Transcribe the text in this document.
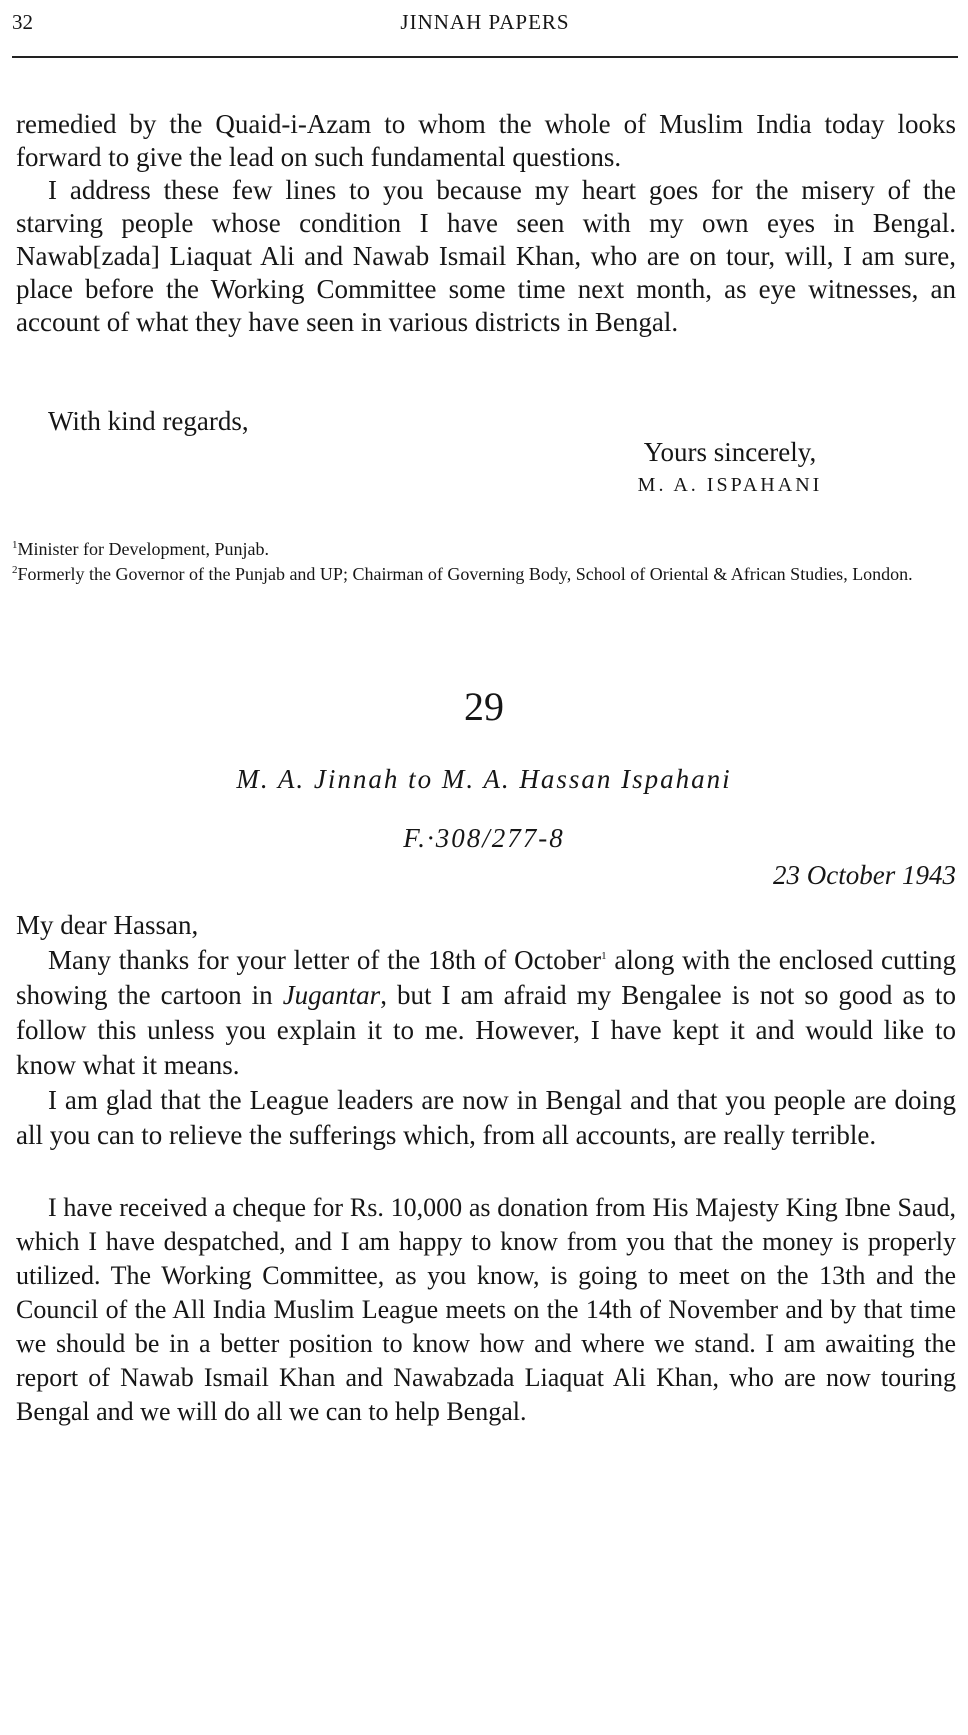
32	JINNAH PAPERS

remedied by the Quaid-i-Azam to whom the whole of Muslim India today looks forward to give the lead on such fundamental questions.

I address these few lines to you because my heart goes for the misery of the starving people whose condition I have seen with my own eyes in Bengal. Nawab[zada] Liaquat Ali and Nawab Ismail Khan, who are on tour, will, I am sure, place before the Working Committee some time next month, as eye witnesses, an account of what they have seen in various districts in Bengal.

With kind regards,

Yours sincerely,
M. A. ISPAHANI
$^1$Minister for Development, Punjab.
$^2$Formerly the Governor of the Punjab and UP; Chairman of Governing Body, School of Oriental & African Studies, London.
29
M. A. Jinnah to M. A. Hassan Ispahani
F.·308/277-8
23 October 1943

My dear Hassan,

Many thanks for your letter of the 18th of October$^1$ along with the enclosed cutting showing the cartoon in Jugantar, but I am afraid my Bengalee is not so good as to follow this unless you explain it to me. However, I have kept it and would like to know what it means.

I am glad that the League leaders are now in Bengal and that you people are doing all you can to relieve the sufferings which, from all accounts, are really terrible.

I have received a cheque for Rs. 10,000 as donation from His Majesty King Ibne Saud, which I have despatched, and I am happy to know from you that the money is properly utilized. The Working Committee, as you know, is going to meet on the 13th and the Council of the All India Muslim League meets on the 14th of November and by that time we should be in a better position to know how and where we stand. I am awaiting the report of Nawab Ismail Khan and Nawabzada Liaquat Ali Khan, who are now touring Bengal and we will do all we can to help Bengal.
